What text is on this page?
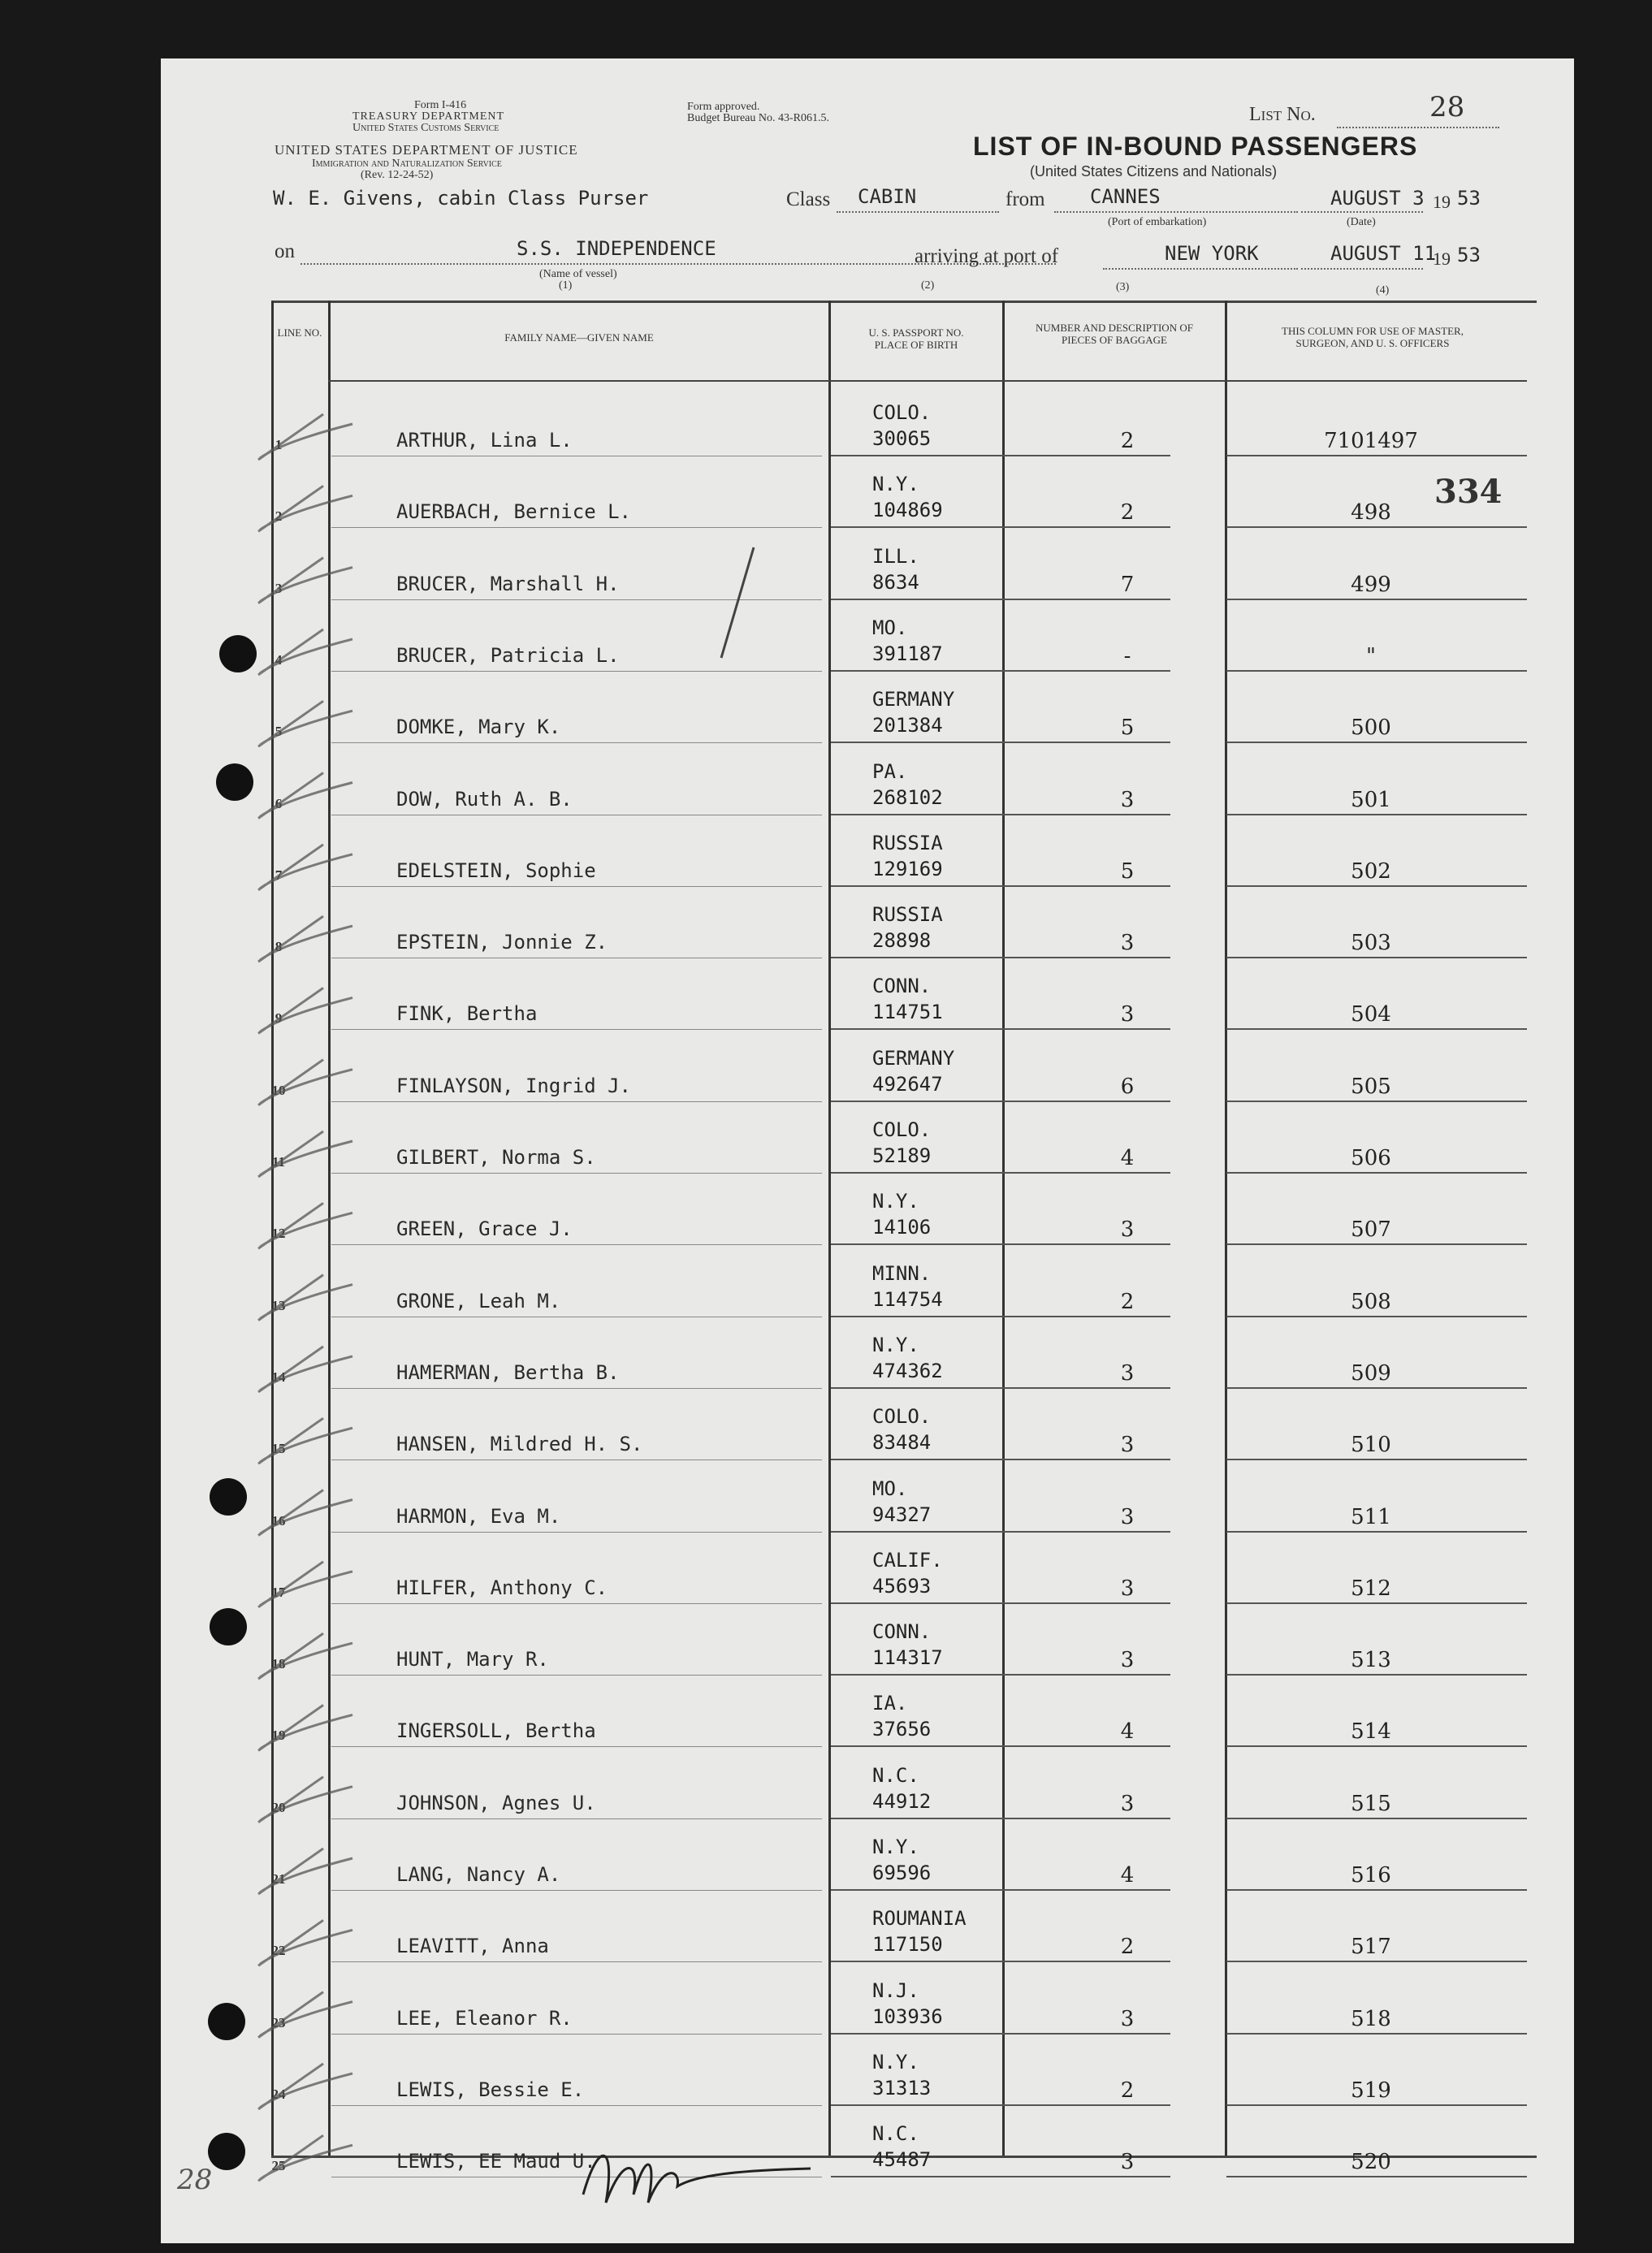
Form I-416
TREASURY DEPARTMENT
United States Customs Service
UNITED STATES DEPARTMENT OF JUSTICE
Immigration and Naturalization Service
(Rev. 12-24-52)
Form approved.
Budget Bureau No. 43-R061.5.	List No.	28
LIST OF IN-BOUND PASSENGERS
(United States Citizens and Nationals)
W. E. Givens, cabin Class Purser	Class CABIN	from CANNES
(Port of embarkation)
AUGUST 3 19 53
(Date)
on	S.S. INDEPENDENCE
(Name of vessel)
(1)
arriving at port of
(2)
NEW YORK
(3)
AUGUST 11
19 53
(4)
LINE NO.	FAMILY NAME—GIVEN NAME	U. S. PASSPORT NO. PLACE OF BIRTH
NUMBER AND DESCRIPTION OF PIECES OF BAGGAGE
THIS COLUMN FOR USE OF MASTER, SURGEON, AND U. S. OFFICERS
1	ARTHUR, Lina L.
COLO.
30065	2	7101497
2	AUERBACH, Bernice L.
N.Y.
104869	2	498
3	BRUCER, Marshall H.
ILL.
8634	7	499
4	BRUCER, Patricia L.
MO.
391187	-	"
5	DOMKE, Mary K.
GERMANY
201384	5	500
6	DOW, Ruth A. B.
PA.
268102	3	501
7	EDELSTEIN, Sophie
RUSSIA
129169	5	502
8	EPSTEIN, Jonnie Z.
RUSSIA
28898	3	503
9	FINK, Bertha
CONN.
114751	3	504
10	FINLAYSON, Ingrid J.
GERMANY
492647	6	505
11	GILBERT, Norma S.
COLO.
52189	4	506
12	GREEN, Grace J.
N.Y.
14106	3	507
13	GRONE, Leah M.
MINN.
114754	2	508
14	HAMERMAN, Bertha B.
N.Y.
474362	3	509
15	HANSEN, Mildred H. S.
COLO.
83484	3	510
16	HARMON, Eva M.
MO.
94327	3	511
17	HILFER, Anthony C.
CALIF.
45693	3	512
18	HUNT, Mary R.
CONN.
114317	3	513
19	INGERSOLL, Bertha
IA.
37656	4	514
20	JOHNSON, Agnes U.
N.C.
44912	3	515
21	LANG, Nancy A.
N.Y.
69596	4	516
22	LEAVITT, Anna
ROUMANIA
117150	2	517
23	LEE, Eleanor R.
N.J.
103936	3	518
24	LEWIS, Bessie E.
N.Y.
31313	2	519
25	LEWIS, EE Maud U.
N.C.
45487	3	520
334
28
